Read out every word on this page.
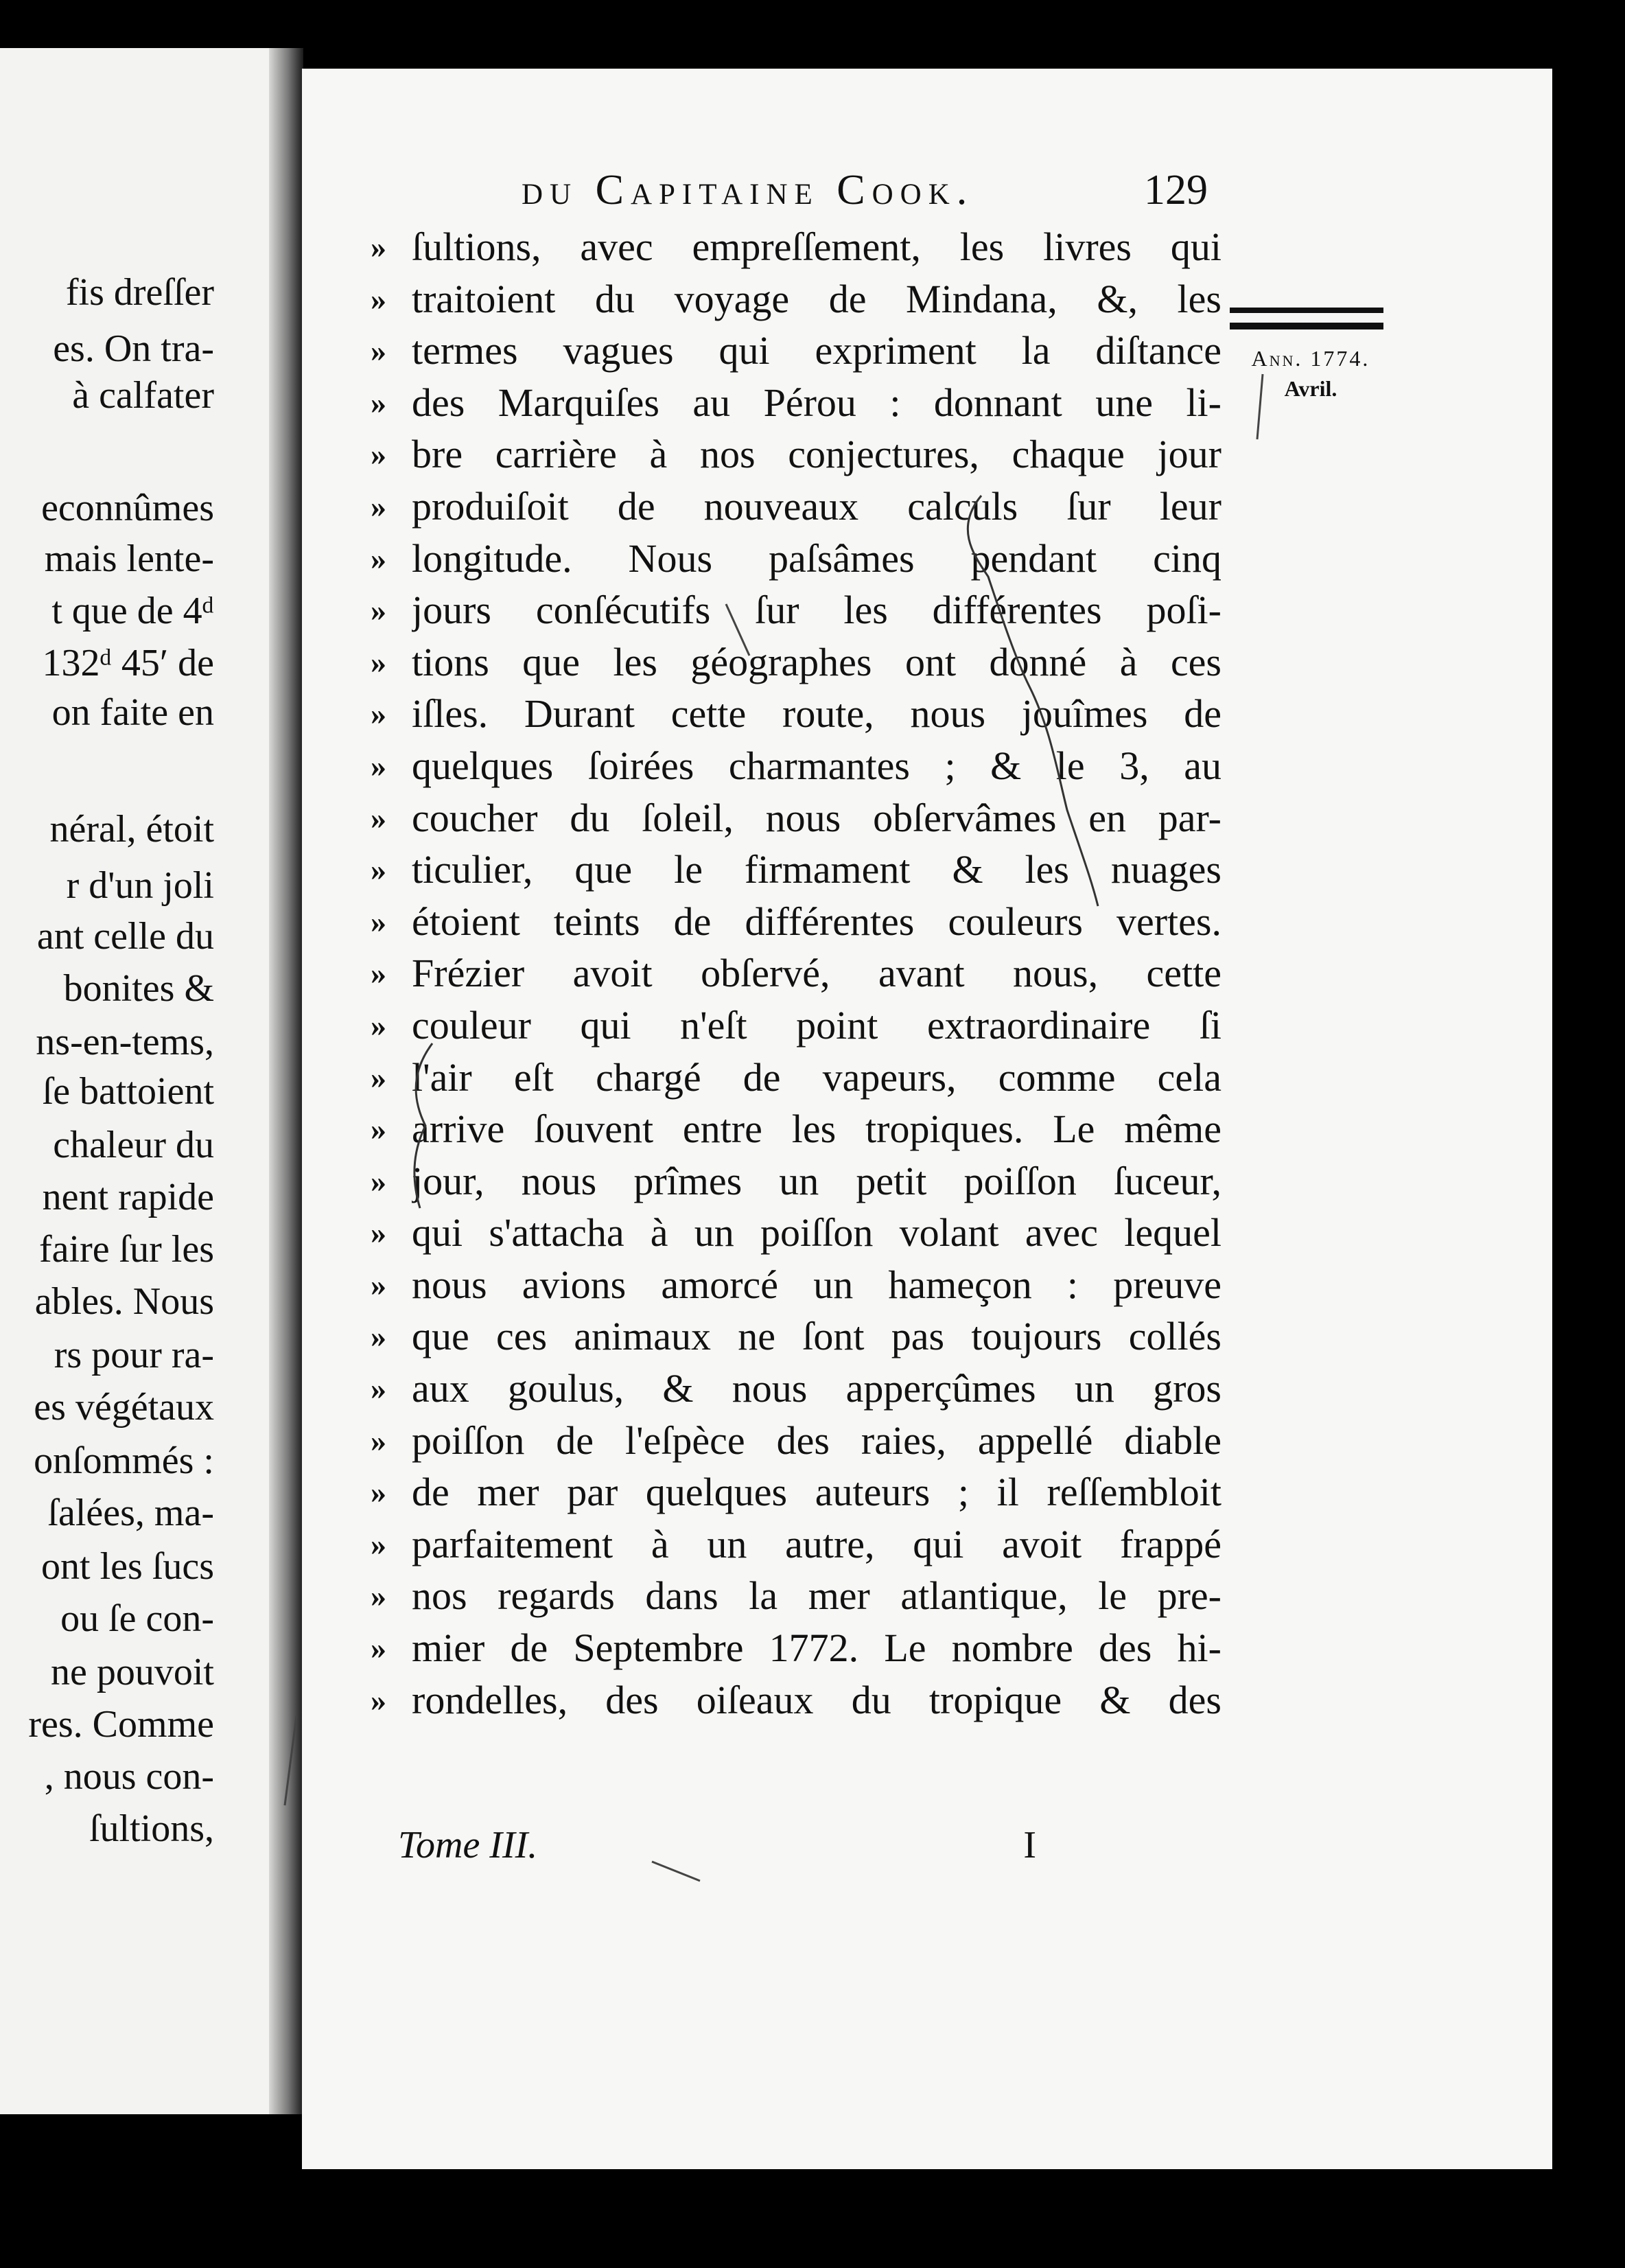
fis dreſſer
es. On tra-
à calfater
econnûmes
mais lente-
t que de 4ᵈ
132ᵈ 45ʹ de
on faite en
néral, étoit
r d'un joli
ant celle du
bonites &
ns-en-tems,
ſe battoient
chaleur du
nent rapide
faire ſur les
ables. Nous
rs pour ra-
es végétaux
onſommés :
ſalées, ma-
ont les ſucs
ou ſe con-
ne pouvoit
res. Comme
, nous con-
ſultions,
du Capitaine Cook.	129
Ann. 1774.
Avril.
» ſultions, avec empreſſement, les livres qui
» traitoient du voyage de Mindana, &, les
» termes vagues qui expriment la diſtance
» des Marquiſes au Pérou : donnant une li-
» bre carrière à nos conjectures, chaque jour
» produiſoit de nouveaux calculs ſur leur
» longitude. Nous paſsâmes pendant cinq
» jours conſécutifs ſur les différentes poſi-
» tions que les géographes ont donné à ces
» iſles. Durant cette route, nous jouîmes de
» quelques ſoirées charmantes ; & le 3, au
» coucher du ſoleil, nous obſervâmes en par-
» ticulier, que le firmament & les nuages
» étoient teints de différentes couleurs vertes.
» Frézier avoit obſervé, avant nous, cette
» couleur qui n'eſt point extraordinaire ſi
» l'air eſt chargé de vapeurs, comme cela
» arrive ſouvent entre les tropiques. Le même
» jour, nous prîmes un petit poiſſon ſuceur,
» qui s'attacha à un poiſſon volant avec lequel
» nous avions amorcé un hameçon : preuve
» que ces animaux ne ſont pas toujours collés
» aux goulus, & nous apperçûmes un gros
» poiſſon de l'eſpèce des raies, appellé diable
» de mer par quelques auteurs ; il reſſembloit
» parfaitement à un autre, qui avoit frappé
» nos regards dans la mer atlantique, le pre-
» mier de Septembre 1772. Le nombre des hi-
» rondelles, des oiſeaux du tropique & des
Tome III.	I
